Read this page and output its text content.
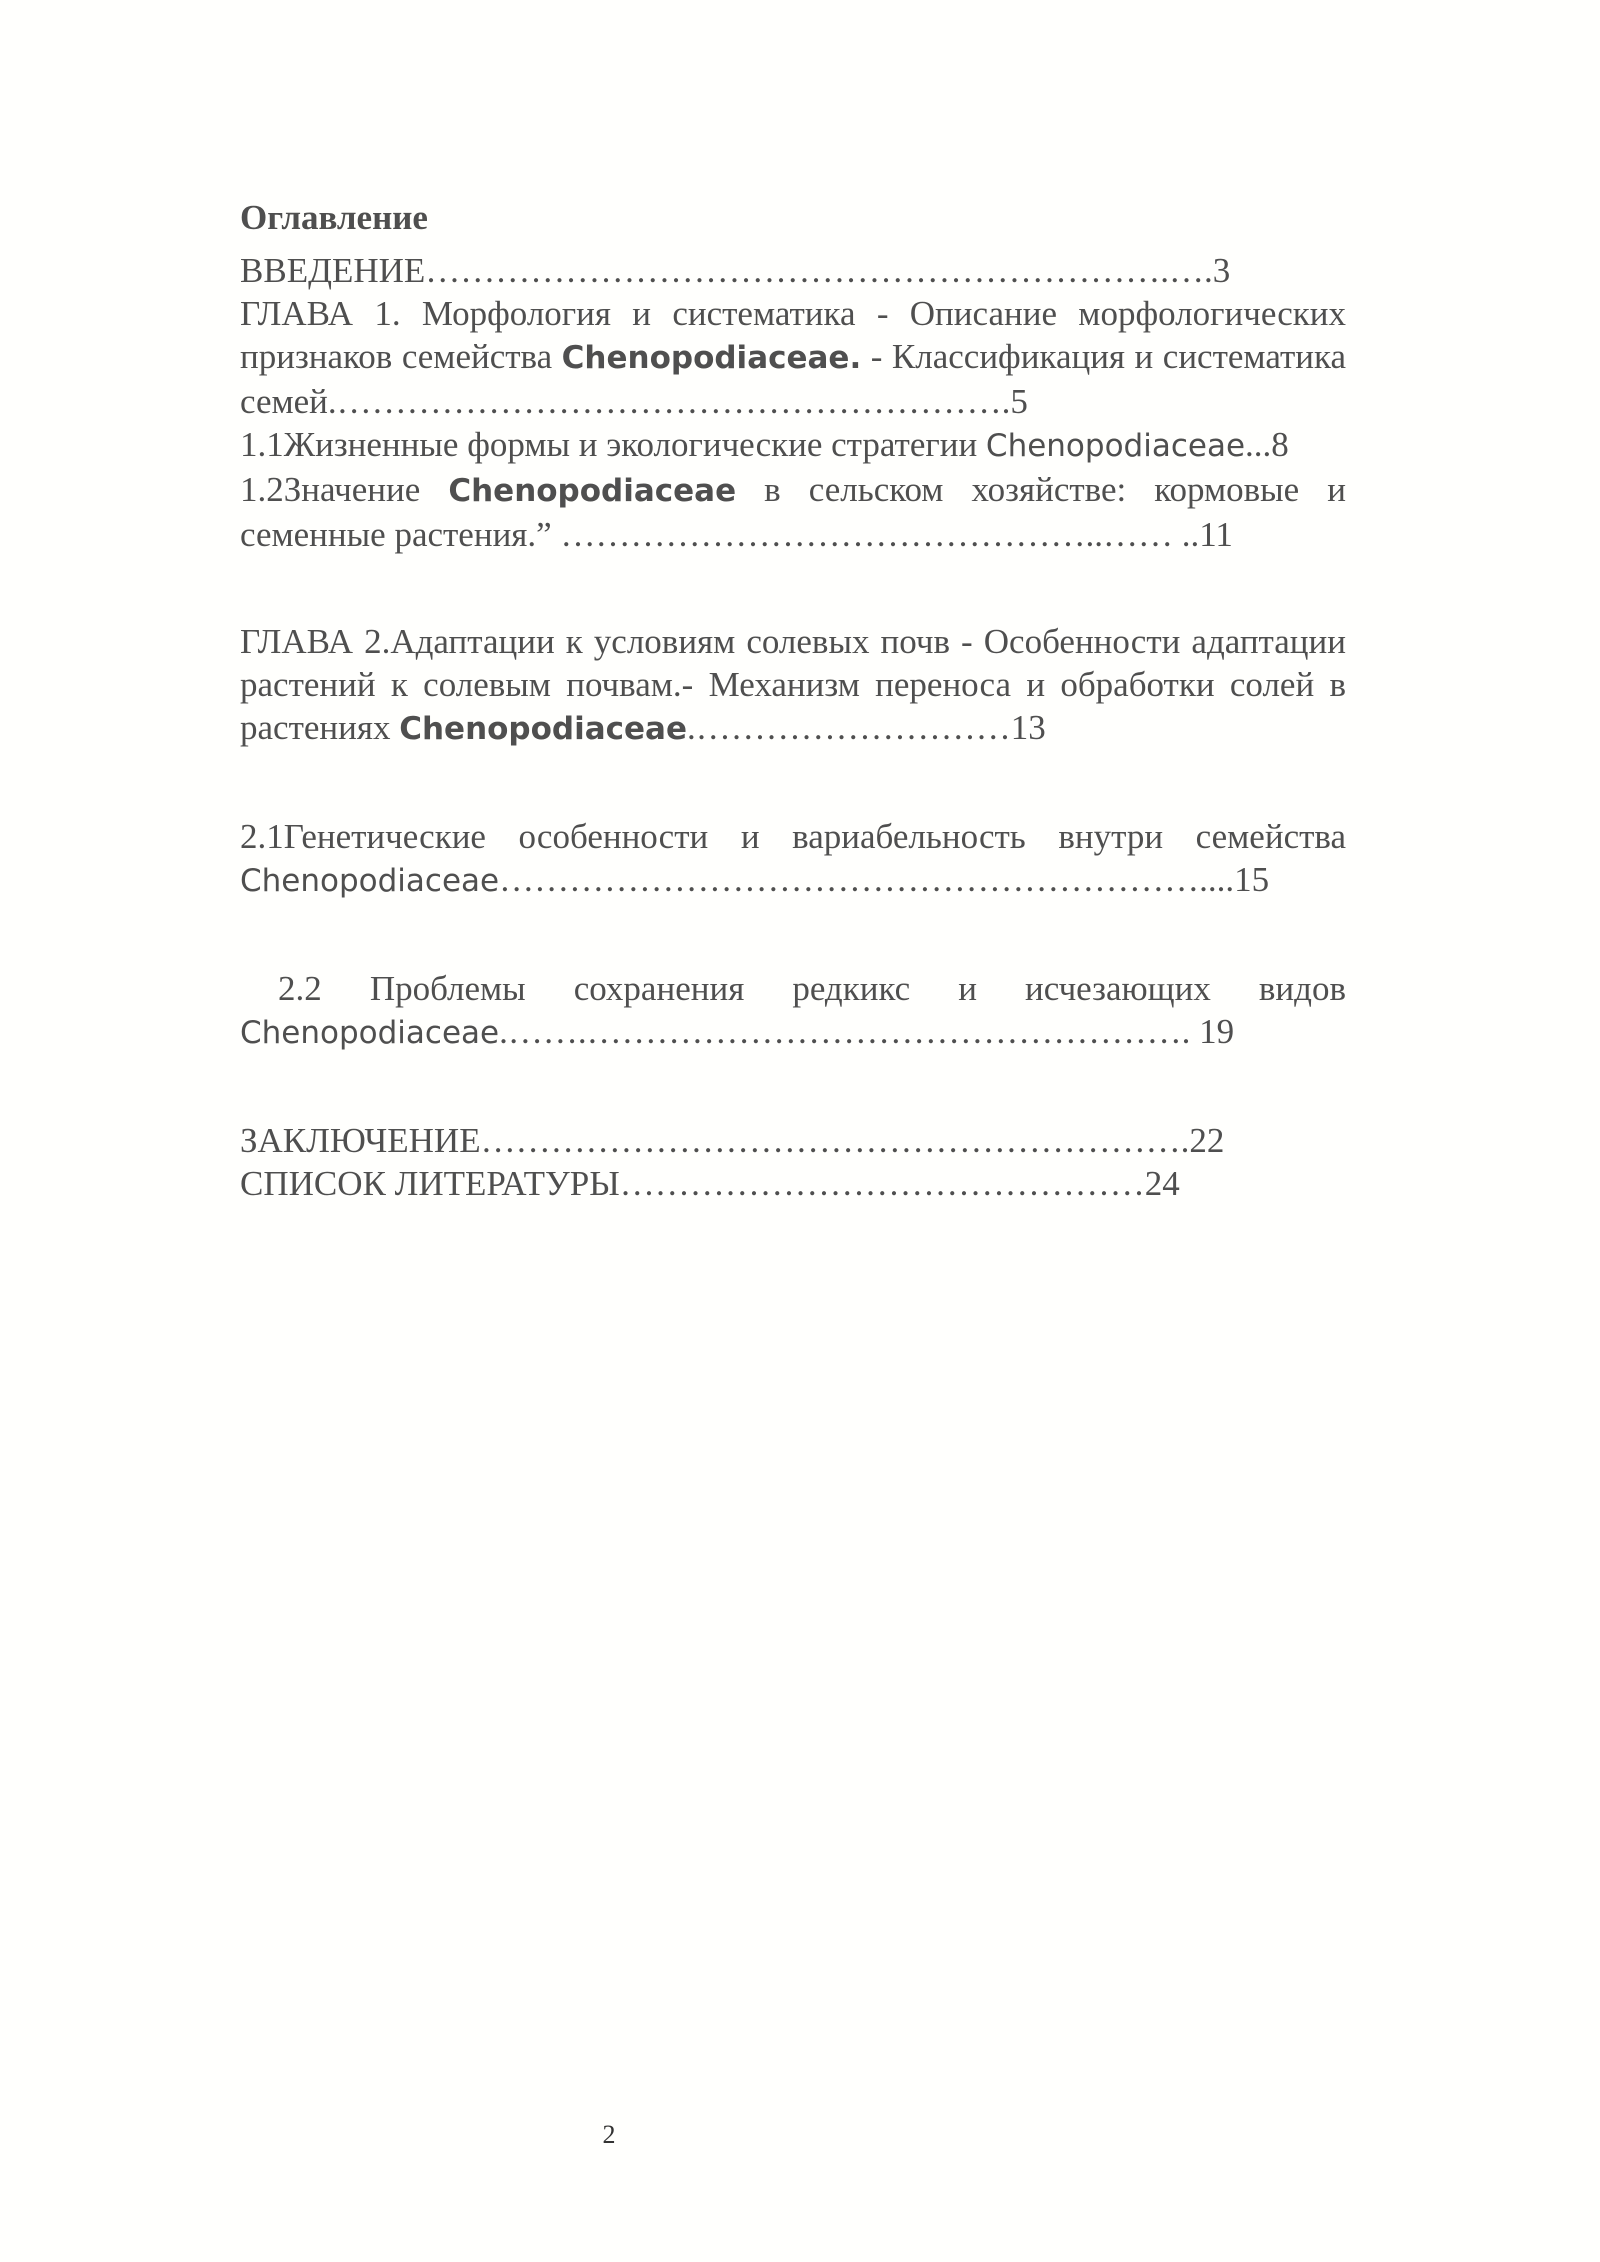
Оглавление

ВВЕДЕНИЕ……………………………………………………….….3

ГЛАВА 1. Морфология и систематика - Описание морфологических признаков семейства Chenopodiaceae. - Классификация и систематика семей.………………………………………………….5

1.1Жизненные формы и экологические стратегии Chenopodiaceae...8

1.2Значение Chenopodiaceae в сельском хозяйстве: кормовые и семенные растения.” ………………………………………..…… ..11

ГЛАВА 2.Адаптации к условиям солевых почв - Особенности адаптации растений к солевым почвам.- Механизм переноса и обработки солей в растениях Chenopodiaceae.………………………13

2.1Генетические особенности и вариабельность внутри семейства Chenopodiaceae……………………………………………………....15

2.2 Проблемы сохранения редкикс и исчезающих видов Chenopodiaceae.…….……………………………………………. 19

ЗАКЛЮЧЕНИЕ…………………………………………………….22

СПИСОК ЛИТЕРАТУРЫ………………………………………24

2
